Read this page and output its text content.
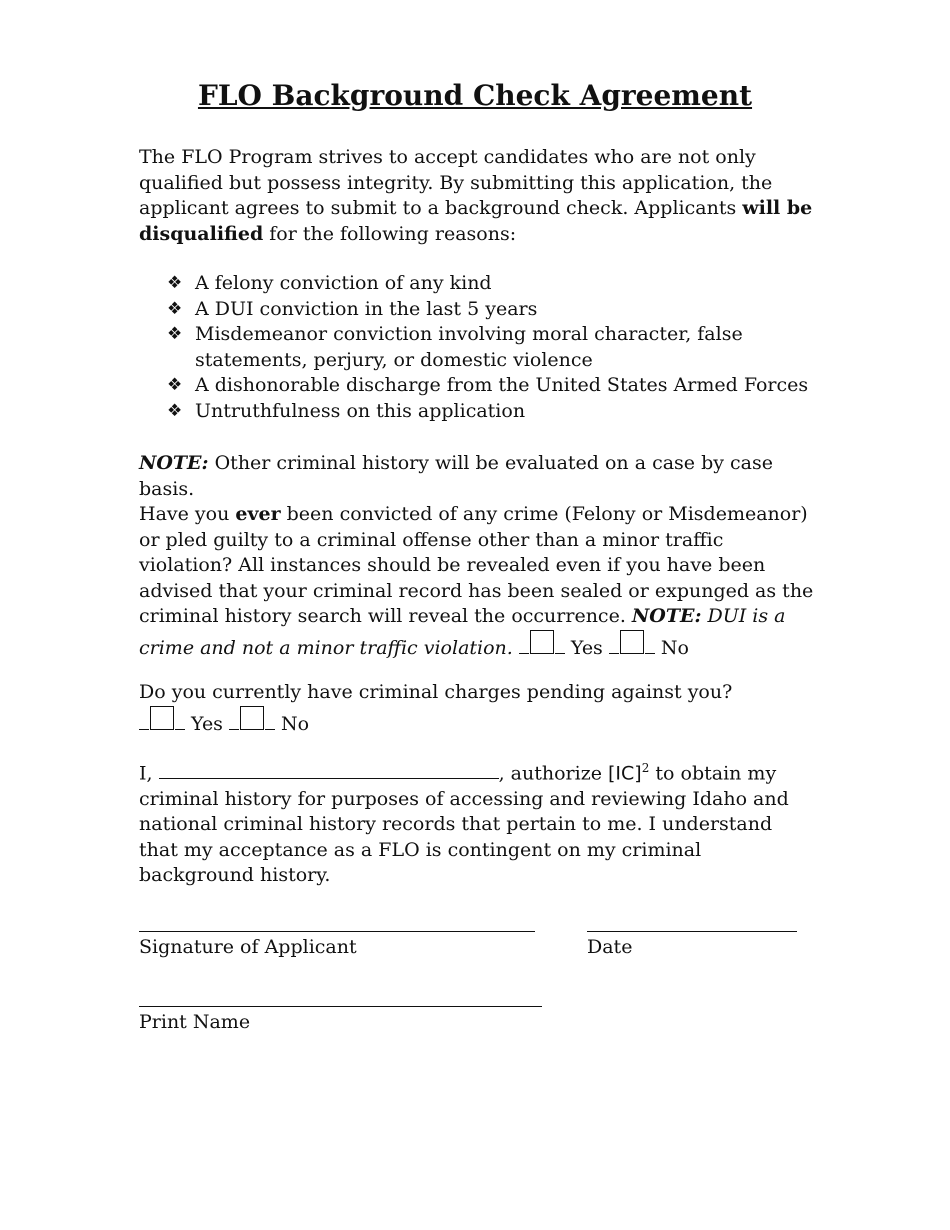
FLO Background Check Agreement
The FLO Program strives to accept candidates who are not only qualified but possess integrity. By submitting this application, the applicant agrees to submit to a background check. Applicants will be disqualified for the following reasons:
❖ A felony conviction of any kind
❖ A DUI conviction in the last 5 years
❖ Misdemeanor conviction involving moral character, false statements, perjury, or domestic violence
❖ A dishonorable discharge from the United States Armed Forces
❖ Untruthfulness on this application
NOTE: Other criminal history will be evaluated on a case by case basis.
Have you ever been convicted of any crime (Felony or Misdemeanor) or pled guilty to a criminal offense other than a minor traffic violation? All instances should be revealed even if you have been advised that your criminal record has been sealed or expunged as the criminal history search will reveal the occurrence. NOTE: DUI is a crime and not a minor traffic violation.	Yes	No
Do you currently have criminal charges pending against you?

Yes	No
I,	, authorize [IC]$^2$ to obtain my criminal history for purposes of accessing and reviewing Idaho and national criminal history records that pertain to me. I understand that my acceptance as a FLO is contingent on my criminal background history.
Signature of Applicant	Date
Print Name
